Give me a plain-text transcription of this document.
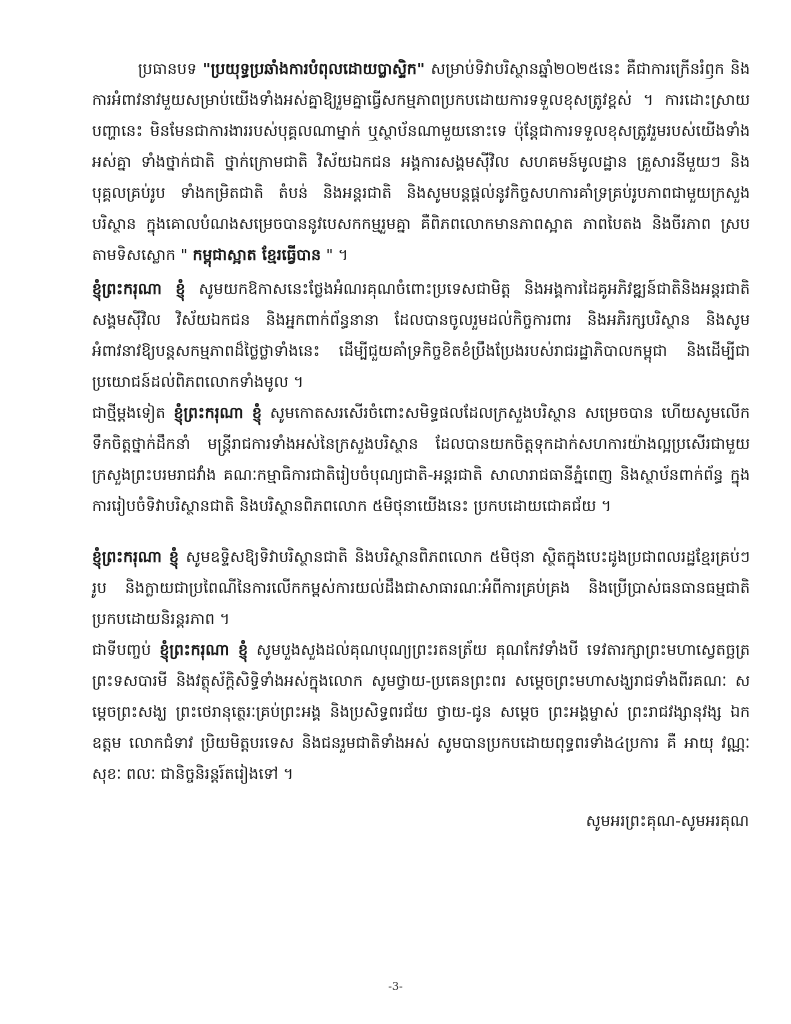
ប្រធានបទ "ប្រយុទ្ធប្រឆាំងការបំពុលដោយប្លាស្ទិក" សម្រាប់ទិវាបរិស្ថានឆ្នាំ២០២៥នេះ គឺជាការក្រើនរំឭក និងការអំពាវនាវមួយសម្រាប់យើងទាំងអស់គ្នាឱ្យរួមគ្នាធ្វើសកម្មភាពប្រកបដោយការទទួលខុសត្រូវខ្ពស់ ។ ការដោះស្រាយបញ្ហានេះ មិនមែនជាការងាររបស់បុគ្គលណាម្នាក់ ឬស្ថាប័នណាមួយនោះទេ ប៉ុន្តែជាការទទួលខុសត្រូវរួមរបស់យើងទាំងអស់គ្នា ទាំងថ្នាក់ជាតិ ថ្នាក់ក្រោមជាតិ វិស័យឯកជន អង្គការសង្គមស៊ីវិល សហគមន៍មូលដ្ឋាន គ្រួសារនីមួយៗ និងបុគ្គលគ្រប់រូប ទាំងកម្រិតជាតិ តំបន់ និងអន្តរជាតិ និងសូមបន្តផ្តល់នូវកិច្ចសហការគាំទ្រគ្រប់រូបភាពជាមួយក្រសួងបរិស្ថាន ក្នុងគោលបំណងសម្រេចបាននូវបេសកកម្មរួមគ្នា គឺពិភពលោកមានភាពស្អាត ភាពបៃតង និងចីរភាព ស្របតាមទិសស្លោក " កម្ពុជាស្អាត ខ្មែរធ្វើបាន " ។

ខ្ញុំព្រះករុណា ខ្ញុំ សូមយកឱកាសនេះថ្លែងអំណរគុណចំពោះប្រទេសជាមិត្ត និងអង្គការដៃគូអភិវឌ្ឍន៍ជាតិនិងអន្តរជាតិ សង្គមស៊ីវិល វិស័យឯកជន និងអ្នកពាក់ព័ន្ធនានា ដែលបានចូលរួមដល់កិច្ចការពារ និងអភិរក្សបរិស្ថាន និងសូមអំពាវនាវឱ្យបន្តសកម្មភាពដ៏ថ្លៃថ្លាទាំងនេះ ដើម្បីជួយគាំទ្រកិច្ចខិតខំប្រឹងប្រែងរបស់រាជរដ្ឋាភិបាលកម្ពុជា និងដើម្បីជាប្រយោជន៍ដល់ពិភពលោកទាំងមូល ។

ជាថ្មីម្តងទៀត ខ្ញុំព្រះករុណា ខ្ញុំ សូមកោតសរសើរចំពោះសមិទ្ធផលដែលក្រសួងបរិស្ថាន សម្រេចបាន ហើយសូមលើកទឹកចិត្តថ្នាក់ដឹកនាំ មន្ត្រីរាជការទាំងអស់នៃក្រសួងបរិស្ថាន ដែលបានយកចិត្តទុកដាក់សហការយ៉ាងល្អប្រសើរជាមួយក្រសួងព្រះបរមរាជវាំង គណៈកម្មាធិការជាតិរៀបចំបុណ្យជាតិ-អន្តរជាតិ សាលារាជធានីភ្នំពេញ និងស្ថាប័នពាក់ព័ន្ធ ក្នុងការរៀបចំទិវាបរិស្ថានជាតិ និងបរិស្ថានពិភពលោក ៥មិថុនាយើងនេះ ប្រកបដោយជោគជ័យ ។

ខ្ញុំព្រះករុណា ខ្ញុំ សូមឧទ្ទិសឱ្យទិវាបរិស្ថានជាតិ និងបរិស្ថានពិភពលោក ៥មិថុនា ស្ថិតក្នុងបេះដូងប្រជាពលរដ្ឋខ្មែរគ្រប់ៗរូប និងក្លាយជាប្រពៃណីនៃការលើកកម្ពស់ការយល់ដឹងជាសាធារណៈអំពីការគ្រប់គ្រង និងប្រើប្រាស់ធនធានធម្មជាតិប្រកបដោយនិរន្តរភាព ។

ជាទីបញ្ចប់ ខ្ញុំព្រះករុណា ខ្ញុំ សូមបួងសួងដល់គុណបុណ្យព្រះរតនត្រ័យ គុណកែវទាំងបី ទេវតារក្សាព្រះមហាស្វេតច្ឆត្រ ព្រះទសបារមី និងវត្ថុស័ក្តិសិទ្ធិទាំងអស់ក្នុងលោក សូមថ្វាយ-ប្រគេនព្រះពរ សម្តេចព្រះមហាសង្ឃរាជទាំងពីរគណៈ សម្តេចព្រះសង្ឃ ព្រះថេរានុត្ថេរៈគ្រប់ព្រះអង្គ និងប្រសិទ្ធពរជ័យ ថ្វាយ-ជូន សម្តេច ព្រះអង្គម្ចាស់ ព្រះរាជវង្សានុវង្ស ឯកឧត្តម លោកជំទាវ ប្រិយមិត្តបរទេស និងជនរួមជាតិទាំងអស់ សូមបានប្រកបដោយពុទ្ធពរទាំង៤ប្រការ គឺ អាយុ វណ្ណៈ សុខៈ ពលៈ ជានិច្ចនិរន្តរ៍តរៀងទៅ ។

សូមអរព្រះគុណ-សូមអរគុណ
-3-
